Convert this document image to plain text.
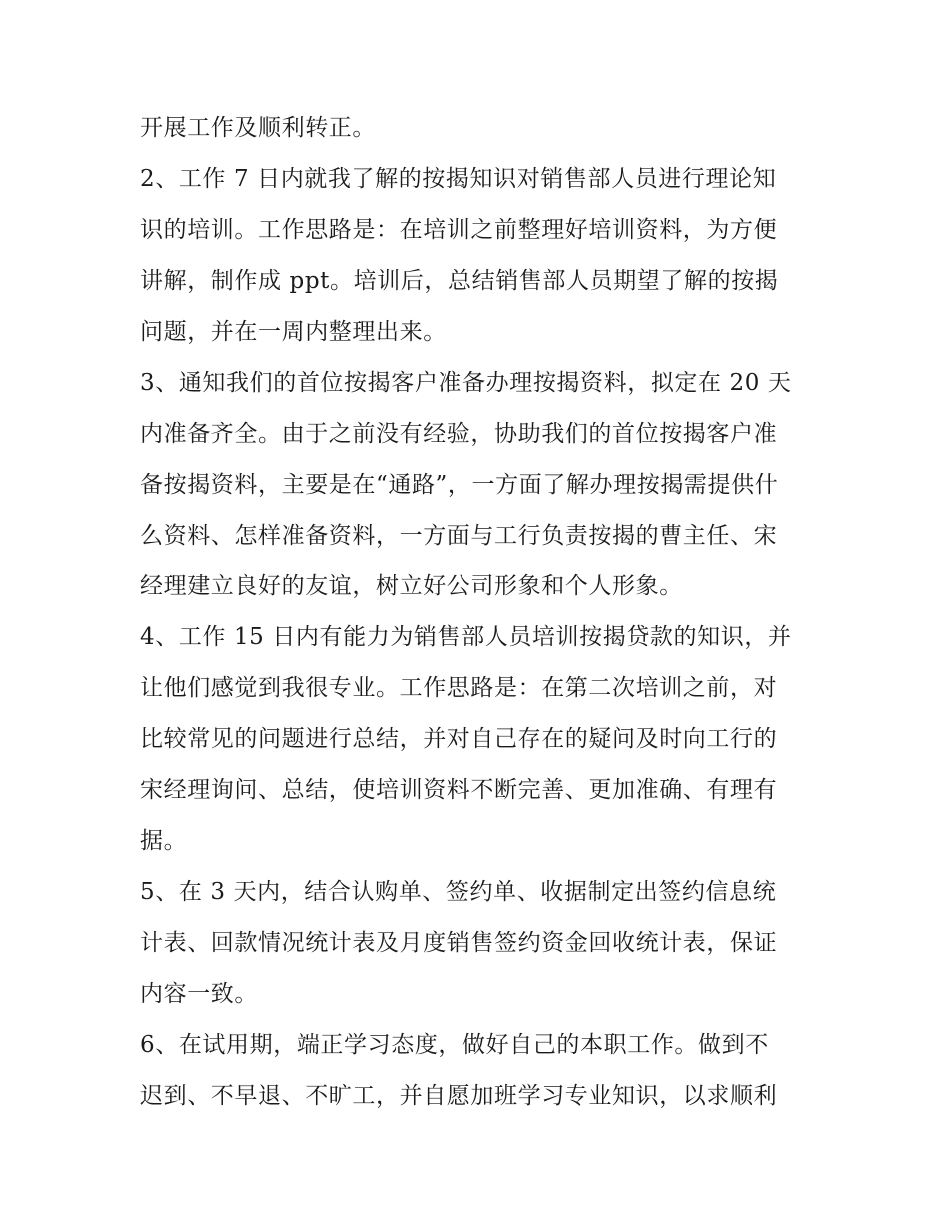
开展工作及顺利转正。
2、工作 7 日内就我了解的按揭知识对销售部人员进行理论知
识的培训。工作思路是：在培训之前整理好培训资料，为方便
讲解，制作成 ppt。培训后，总结销售部人员期望了解的按揭
问题，并在一周内整理出来。
3、通知我们的首位按揭客户准备办理按揭资料，拟定在 20 天
内准备齐全。由于之前没有经验，协助我们的首位按揭客户准
备按揭资料，主要是在“通路”，一方面了解办理按揭需提供什
么资料、怎样准备资料，一方面与工行负责按揭的曹主任、宋
经理建立良好的友谊，树立好公司形象和个人形象。
4、工作 15 日内有能力为销售部人员培训按揭贷款的知识，并
让他们感觉到我很专业。工作思路是：在第二次培训之前，对
比较常见的问题进行总结，并对自己存在的疑问及时向工行的
宋经理询问、总结，使培训资料不断完善、更加准确、有理有
据。
5、在 3 天内，结合认购单、签约单、收据制定出签约信息统
计表、回款情况统计表及月度销售签约资金回收统计表，保证
内容一致。
6、在试用期，端正学习态度，做好自己的本职工作。做到不
迟到、不早退、不旷工，并自愿加班学习专业知识，以求顺利
